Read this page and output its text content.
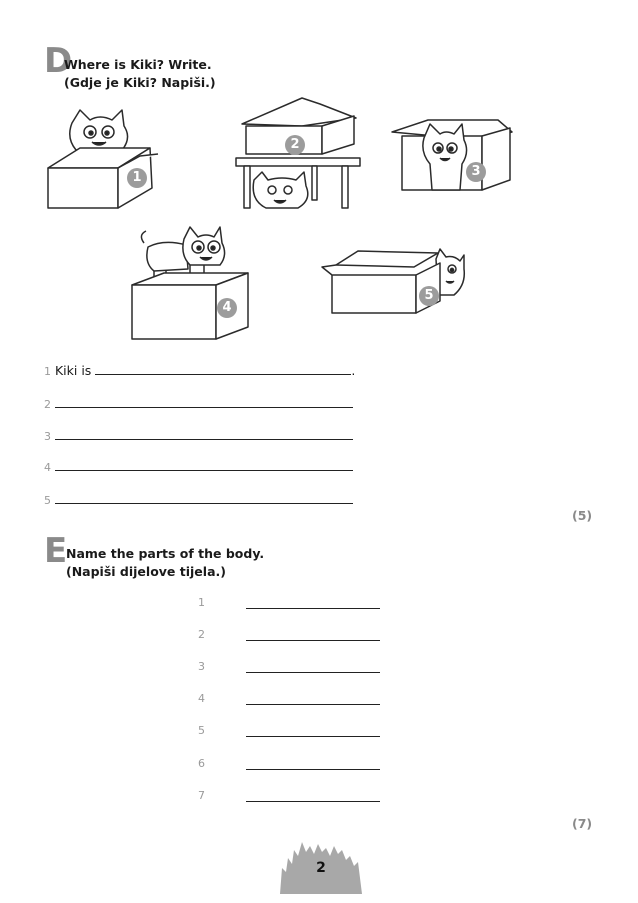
D
Where is Kiki? Write.
(Gdje je Kiki? Napiši.)
1
2
3
4
5
1 Kiki is	.
2
3
4
5
(5)
E
Name the parts of the body.
(Napiši dijelove tijela.)
1
2
3
4
5
6
7
(7)
2
